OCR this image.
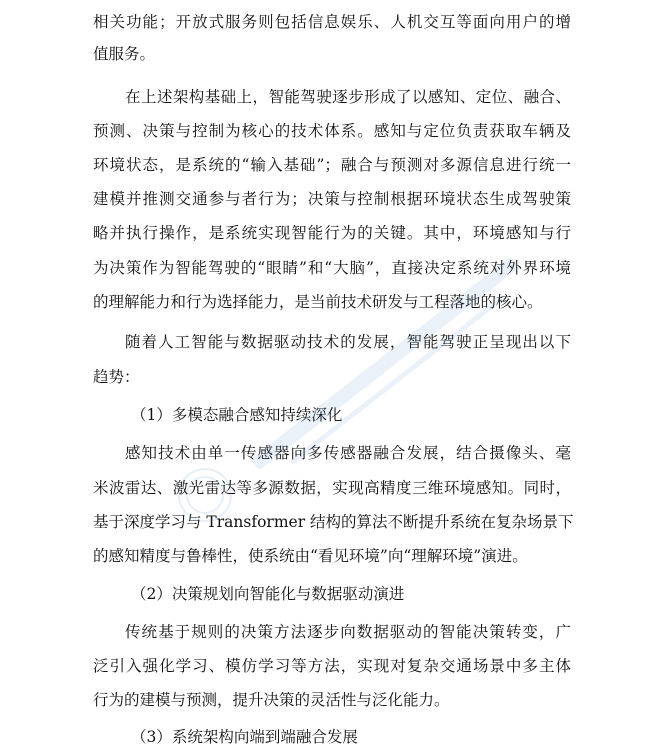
相关功能；开放式服务则包括信息娱乐、人机交互等面向用户的增
值服务。
在上述架构基础上，智能驾驶逐步形成了以感知、定位、融合、
预测、决策与控制为核心的技术体系。感知与定位负责获取车辆及
环境状态，是系统的“输入基础”；融合与预测对多源信息进行统一
建模并推测交通参与者行为；决策与控制根据环境状态生成驾驶策
略并执行操作，是系统实现智能行为的关键。其中，环境感知与行
为决策作为智能驾驶的“眼睛”和“大脑”，直接决定系统对外界环境
的理解能力和行为选择能力，是当前技术研发与工程落地的核心。
随着人工智能与数据驱动技术的发展，智能驾驶正呈现出以下
趋势：
（1）多模态融合感知持续深化
感知技术由单一传感器向多传感器融合发展，结合摄像头、毫
米波雷达、激光雷达等多源数据，实现高精度三维环境感知。同时，
基于深度学习与 Transformer 结构的算法不断提升系统在复杂场景下
的感知精度与鲁棒性，使系统由“看见环境”向“理解环境”演进。
（2）决策规划向智能化与数据驱动演进
传统基于规则的决策方法逐步向数据驱动的智能决策转变，广
泛引入强化学习、模仿学习等方法，实现对复杂交通场景中多主体
行为的建模与预测，提升决策的灵活性与泛化能力。
（3）系统架构向端到端融合发展
